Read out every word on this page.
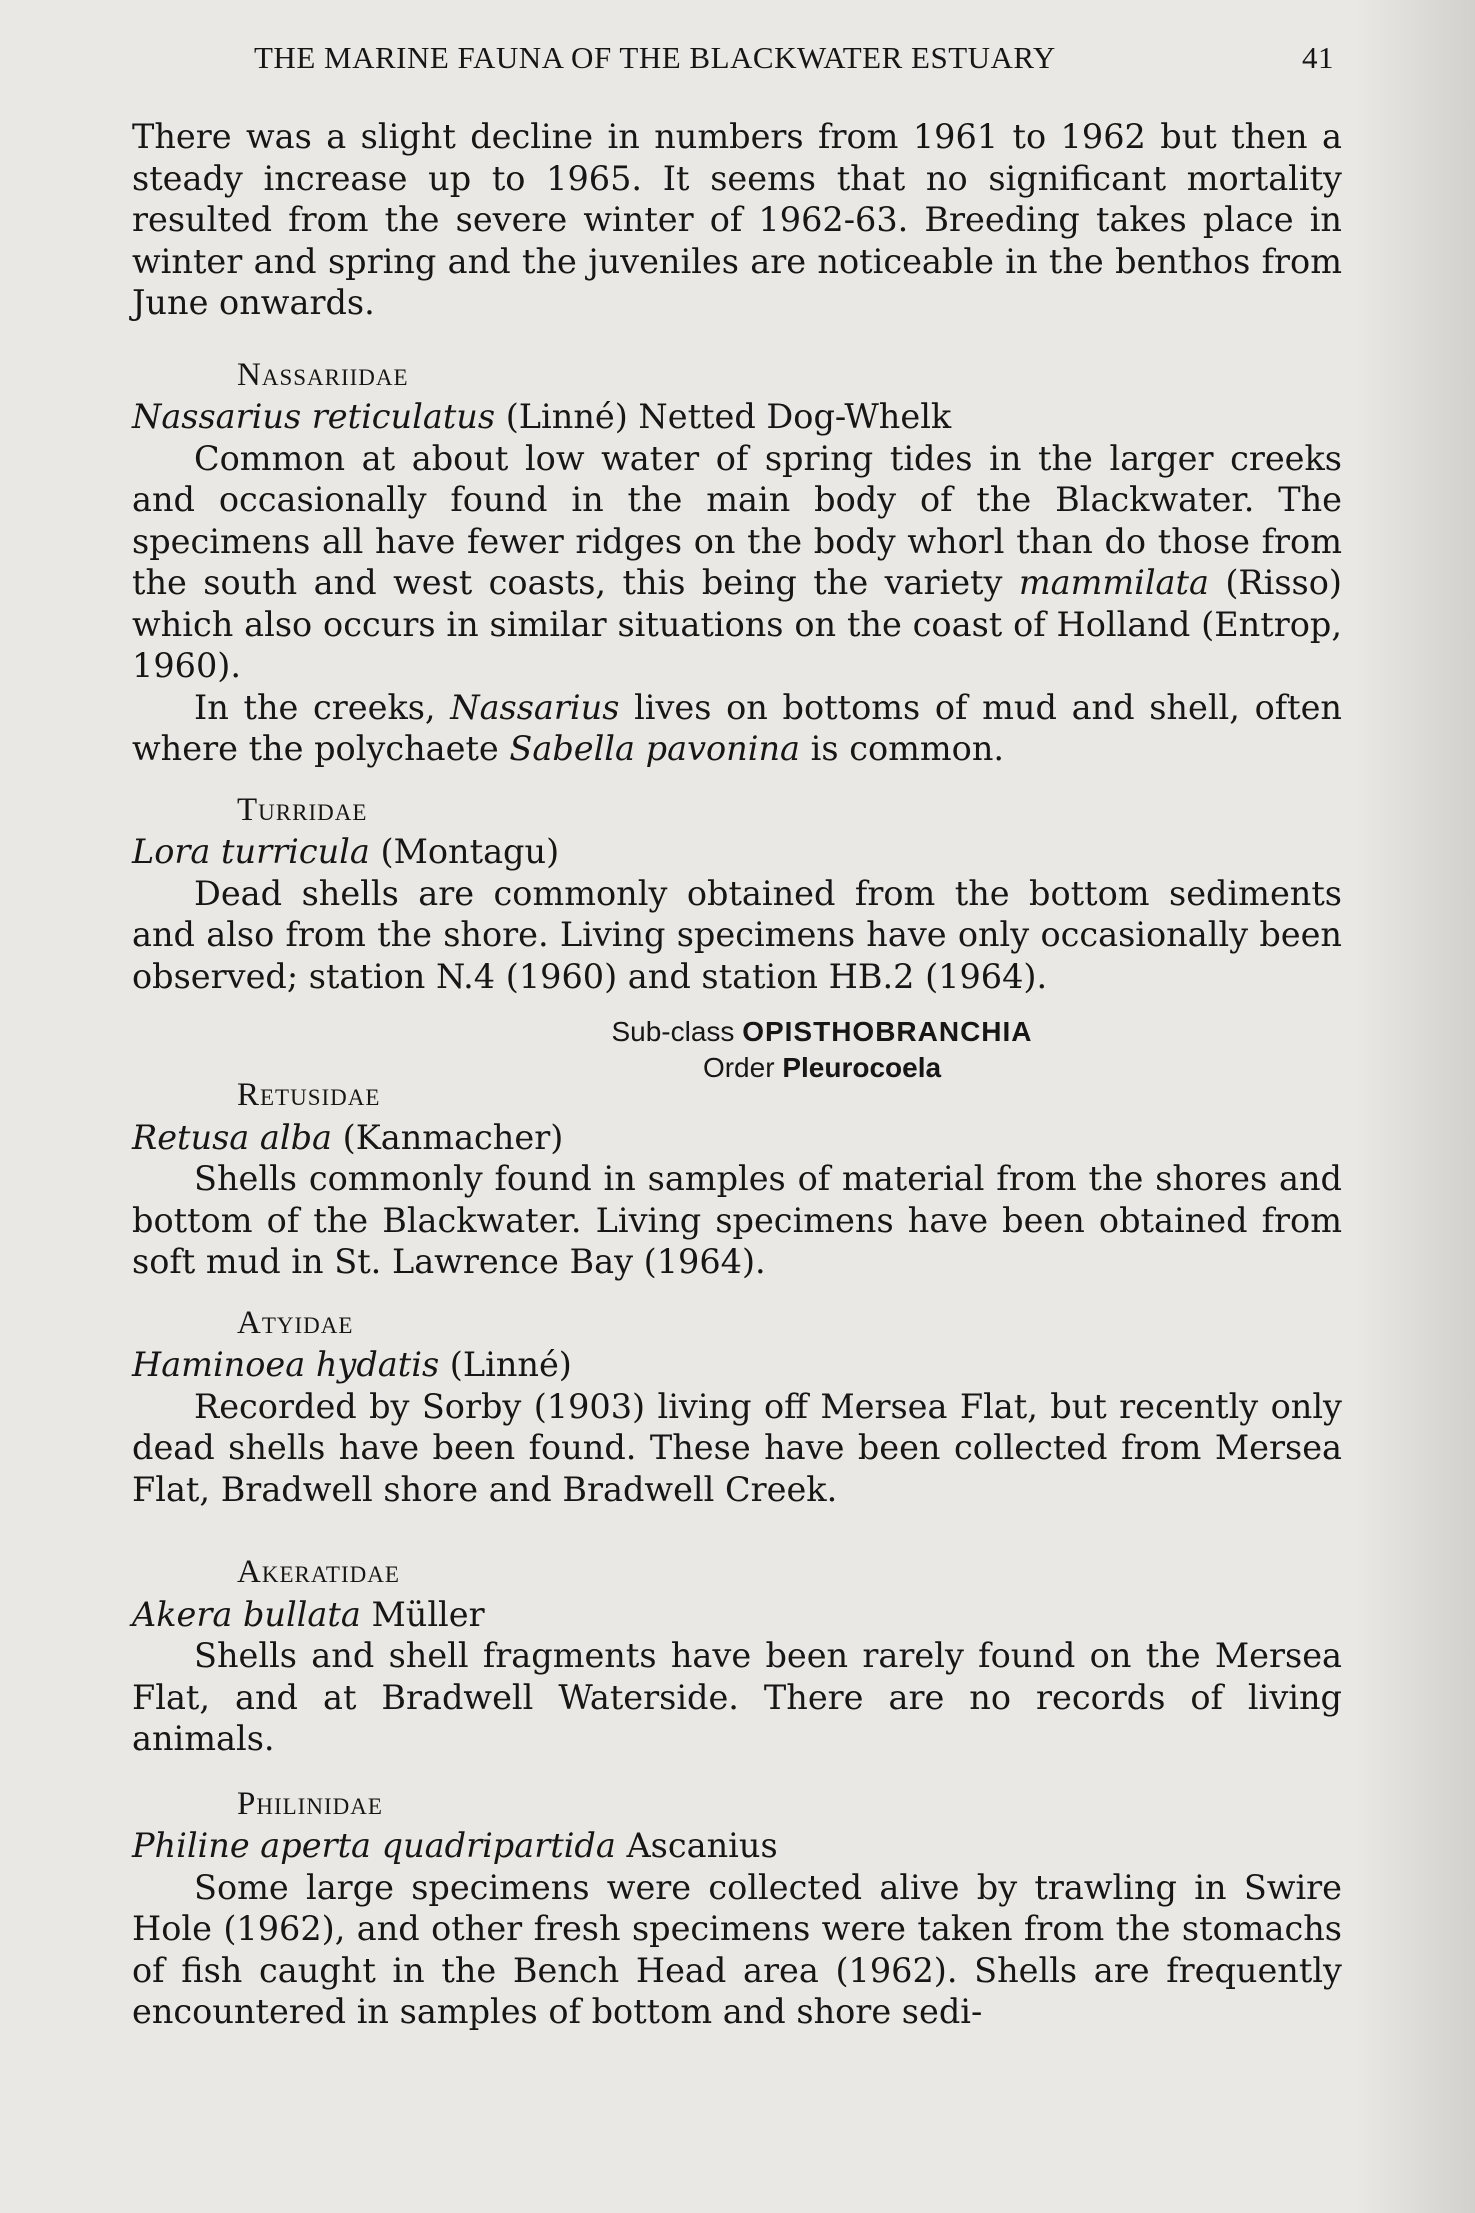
THE MARINE FAUNA OF THE BLACKWATER ESTUARY	41

There was a slight decline in numbers from 1961 to 1962 but then a steady increase up to 1965. It seems that no significant mortality resulted from the severe winter of 1962-63. Breeding takes place in winter and spring and the juveniles are noticeable in the benthos from June onwards.

Nassariidae

Nassarius reticulatus (Linné) Netted Dog-Whelk

Common at about low water of spring tides in the larger creeks and occasionally found in the main body of the Blackwater. The specimens all have fewer ridges on the body whorl than do those from the south and west coasts, this being the variety mammilata (Risso) which also occurs in similar situations on the coast of Holland (Entrop, 1960).

In the creeks, Nassarius lives on bottoms of mud and shell, often where the polychaete Sabella pavonina is common.

Turridae

Lora turricula (Montagu)

Dead shells are commonly obtained from the bottom sediments and also from the shore. Living specimens have only occasionally been observed; station N.4 (1960) and station HB.2 (1964).

Sub-class OPISTHOBRANCHIA
Order Pleurocoela
Retusidae

Retusa alba (Kanmacher)

Shells commonly found in samples of material from the shores and bottom of the Blackwater. Living specimens have been obtained from soft mud in St. Lawrence Bay (1964).

Atyidae

Haminoea hydatis (Linné)

Recorded by Sorby (1903) living off Mersea Flat, but recently only dead shells have been found. These have been collected from Mersea Flat, Bradwell shore and Bradwell Creek.

Akeratidae

Akera bullata Müller

Shells and shell fragments have been rarely found on the Mersea Flat, and at Bradwell Waterside. There are no records of living animals.

Philinidae

Philine aperta quadripartida Ascanius

Some large specimens were collected alive by trawling in Swire Hole (1962), and other fresh specimens were taken from the stomachs of fish caught in the Bench Head area (1962). Shells are frequently encountered in samples of bottom and shore sedi-
